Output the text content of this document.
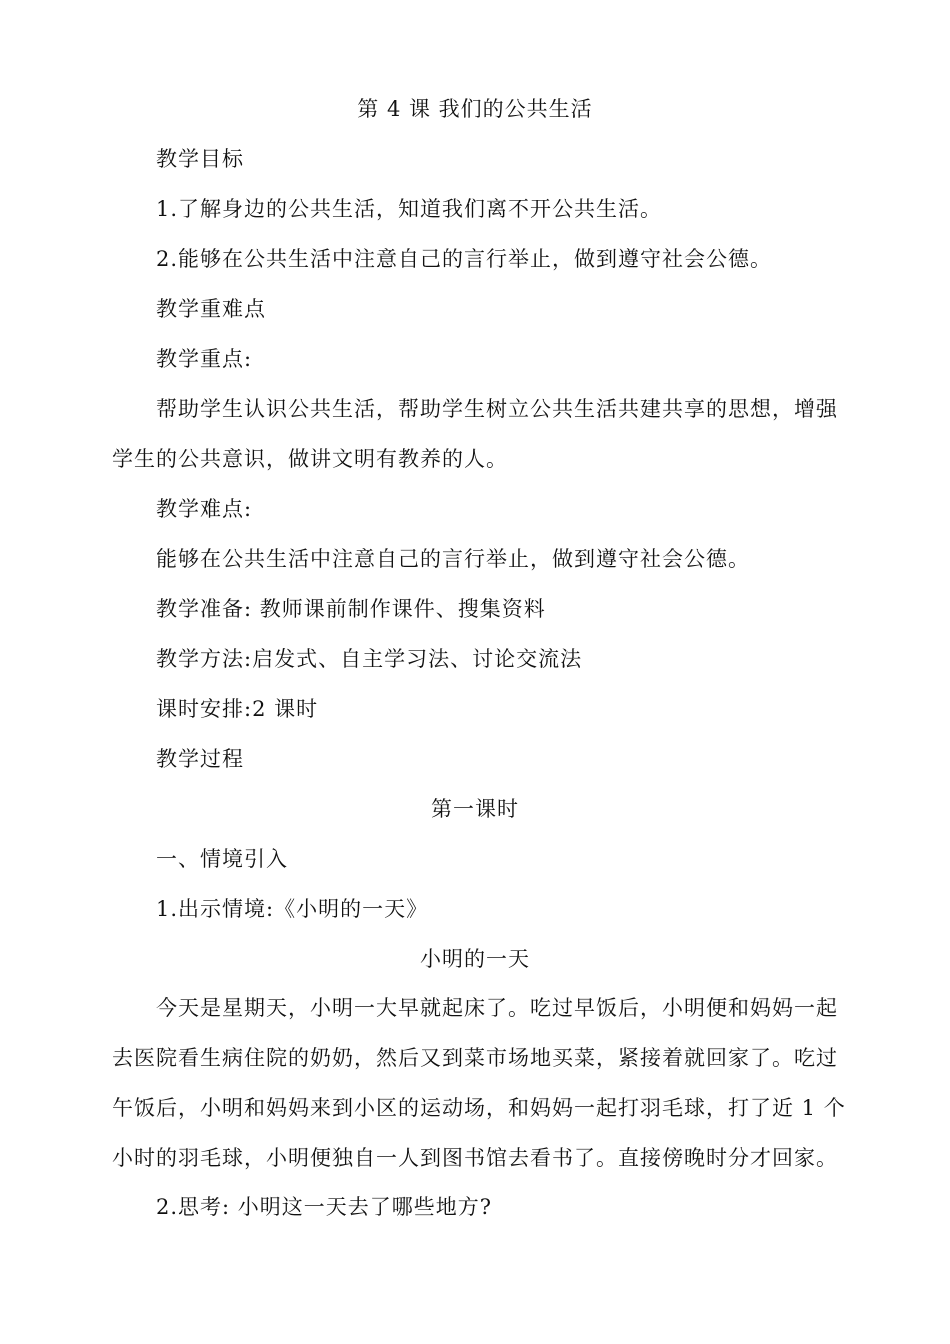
第 4 课 我们的公共生活
教学目标
1.了解身边的公共生活，知道我们离不开公共生活。
2.能够在公共生活中注意自己的言行举止，做到遵守社会公德。
教学重难点
教学重点:
帮助学生认识公共生活，帮助学生树立公共生活共建共享的思想，增强
学生的公共意识，做讲文明有教养的人。
教学难点:
能够在公共生活中注意自己的言行举止，做到遵守社会公德。
教学准备: 教师课前制作课件、搜集资料
教学方法:启发式、自主学习法、讨论交流法
课时安排:2 课时
教学过程
第一课时
一、情境引入
1.出示情境:《小明的一天》
小明的一天
今天是星期天，小明一大早就起床了。吃过早饭后，小明便和妈妈一起
去医院看生病住院的奶奶，然后又到菜市场地买菜，紧接着就回家了。吃过
午饭后，小明和妈妈来到小区的运动场，和妈妈一起打羽毛球，打了近 1 个
小时的羽毛球，小明便独自一人到图书馆去看书了。直接傍晚时分才回家。
2.思考: 小明这一天去了哪些地方?
